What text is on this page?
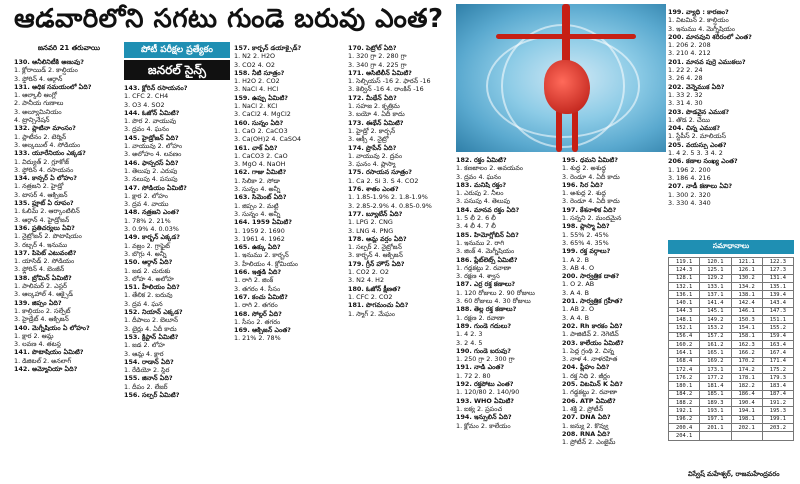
ఆడవారిలోని సగటు గుండె బరువు ఎంత?
జనవరి 21 తరువాయి	పోటీ పరీక్షల ప్రత్యేకం
జనరల్ సైన్స్
130. ఆనీలినిటీకి అణువు?
1. క్లోరాయిడ్ 2. కాల్షియం
3. ఫ్లోరిన్ 4. ఆర్గాన్
131. అధిక సమయంలో ఏది?
1. ఆల్కాలీ ఆంగ్లో
2. పానీయ గుణాలు
3. అల్యూమినియం
4. ట్రాన్సినేషన్
132. ప్లాటినా మాంసం?
1. ప్లాటీనం 2. టెర్మిన్
3. అల్కయిల్ 4. సోడియం
133. యూరేనియం ఎక్కడ?
1. విద్యుత్ 2. గ్లూకోజ్
3. ఫ్లోరిన్ 4. రసాయనం
134. కాన్సర్ ఏ లోహం?
1. నత్రజని 2. హైడ్రో
3. టాసర్ 4. ఆక్సిజన్
135. ఫ్రూట్ ఏ రూపం?
1. ఓలిమ్ 2. ఆర్కాంటిలిన్
3. ఆర్గాన్ 4. హైడ్రోజన్
136. ప్రతిచర్యలు ఏవి?
1. నైట్రోజన్ 2. పొటాషియం
3. రబ్బర్ 4. ఇనుము
137. పిపెట్ ఎటువంటి?
1. యాసిడ్ 2. సోడియం
3. ఫ్లోరిన్ 4. బెంజీన్
138. బ్రోమిన్ ఏమిటి?
1. పాలిమర్ 2. ఎస్టర్
3. ఆల్కహాల్ 4. ఆక్సైడ్
139. జిప్సం ఏది?
1. కాల్షియం 2. సల్ఫేట్
3. హైడ్రేట్ 4. ఆక్సిజన్
140. మెగ్నీషియం ఏ లోహం?
1. క్షార 2. ఆమ్ల
3. లవణ 4. తటస్థ
141. పొటాషియం ఏమిటి?
1. డిజిటల్ 2. అనలాగ్
142. అమ్మోనియా ఏది?
143. క్లోరిన్ రసాయనం?
1. CFC 2. CH4
3. O3 4. SO2
144. ఓజోన్ ఏమిటి?
1. పొర 2. వాయువు
3. ద్రవం 4. ఘనం
145. హైడ్రోజన్ ఏది?
1. వాయువు 2. లోహం
3. అలోహం 4. లవణం
146. ఫాస్ఫరస్ ఏది?
1. తెలుపు 2. ఎరుపు
3. నలుపు 4. పసుపు
147. సోడియం ఏమిటి?
1. క్షార 2. లోహం
3. ద్రవ 4. వాయు
148. నత్రజని ఎంత?
1. 78% 2. 21%
3. 0.9% 4. 0.03%
149. కార్బన్ ఎక్కడ?
1. వజ్రం 2. గ్రాఫైట్
3. బొగ్గు 4. అన్నీ
150. ఆర్గాన్ ఏది?
1. జడ 2. చురుకు
3. లోహ 4. అలోహ
151. హీలియం ఏది?
1. తేలిక 2. బరువు
3. ద్రవ 4. ఘన
152. నియాన్ ఎక్కడ?
1. దీపాలు 2. బెలూన్
3. టైర్లు 4. ఏదీ కాదు
153. క్రిప్టాన్ ఏమిటి?
1. జడ 2. లోహ
3. ఆమ్ల 4. క్షార
154. రాడాన్ ఏది?
1. రేడియో 2. స్థిర
155. జినాన్ ఏది?
1. దీపం 2. లేజర్
156. సల్ఫర్ ఏమిటి?
157. కార్బన్ డయాక్సైడ్?
1. N2 2. H2O
3. CO2 4. O2
158. నీటి సూత్రం?
1. H2O 2. CO2
3. NaCl 4. HCl
159. ఉప్పు ఏమిటి?
1. NaCl 2. KCl
3. CaCl2 4. MgCl2
160. సున్నం ఏది?
1. CaO 2. CaCO3
3. Ca(OH)2 4. CaSO4
161. చాక్ ఏది?
1. CaCO3 2. CaO
3. MgO 4. NaOH
162. గాజు ఏమిటి?
1. సిలికా 2. సోడా
3. సున్నం 4. అన్నీ
163. సిమెంట్ ఏది?
1. జిప్సం 2. మట్టి
3. సున్నం 4. అన్నీ
164. 1959 ఏమిటి?
1. 1959 2. 1690
3. 1961 4. 1962
165. ఉక్కు ఏది?
1. ఇనుము 2. కార్బన్
3. హీలియం 4. క్రోమియం
166. ఇత్తడి ఏది?
1. రాగి 2. జింక్
3. తగరం 4. సీసం
167. కంచు ఏమిటి?
1. రాగి 2. తగరం
168. సోల్డర్ ఏది?
1. సీసం 2. తగరం
169. ఆక్సిజన్ ఎంత?
1. 21% 2. 78%
170. పెట్రోల్ ఏది?
1. 320 గ్రా 2. 280 గ్రా
3. 340 గ్రా 4. 225 గ్రా
171. అసిటిలీన్ ఏమిటి?
1. సెల్సియస్ -16 2. ఫారన్ -16
3. కెల్విన్ -16 4. రాంకిన్ -16
172. మీథేన్ ఏది?
1. సహజ 2. కృత్రిమ
3. బయో 4. ఏదీ కాదు
173. ఈథేన్ ఏమిటి?
1. హైడ్రో 2. కార్బన్
3. ఆక్సీ 4. నైట్రో
174. ప్రొపేన్ ఏది?
1. వాయువు 2. ద్రవం
3. ఘనం 4. ప్లాస్మా
175. రసాయన సూత్రం?
1. Ca 2. Si 3. S 4. CO2
176. శాతం ఎంత?
1. 1.85-1.9% 2. 1.8-1.9%
3. 2.85-2.9% 4. 0.85-0.9%
177. బ్యూటేన్ ఏది?
1. LPG 2. CNG
3. LNG 4. PNG
178. ఆమ్ల వర్షం ఏది?
1. సల్ఫర్ 2. నైట్రోజన్
3. కార్బన్ 4. ఆక్సిజన్
179. గ్రీన్ హౌస్ ఏది?
1. CO2 2. O2
3. N2 4. H2
180. ఓజోన్ క్షీణత?
1. CFC 2. CO2
181. పొగమంచు ఏది?
1. స్మాగ్ 2. మేఘం
182. రక్తం ఏమిటి?
1. కణజాలం 2. అవయవం
3. ద్రవం 4. ఘనం
183. మనిషి రక్తం?
1. ఎరుపు 2. నీలం
3. పసుపు 4. తెలుపు
184. మానవ రక్తం ఏది?
1. 5 లీ 2. 6 లీ
3. 4 లీ 4. 7 లీ
185. హిమోగ్లోబిన్ ఏది?
1. ఇనుము 2. రాగి
3. జింక్ 4. మెగ్నీషియం
186. ప్లేట్‌లెట్స్ ఏమిటి?
1. గడ్డకట్టు 2. రవాణా
3. రక్షణ 4. శ్వాస
187. ఎర్ర రక్త కణాలు?
1. 120 రోజులు 2. 90 రోజులు
3. 60 రోజులు 4. 30 రోజులు
188. తెల్ల రక్త కణాలు?
1. రక్షణ 2. రవాణా
189. గుండె గదులు?
1. 4 2. 3
3. 2 4. 5
190. గుండె బరువు?
1. 250 గ్రా 2. 300 గ్రా
191. నాడి ఎంత?
1. 72 2. 80
192. రక్తపోటు ఎంత?
1. 120/80 2. 140/90
193. WHO ఏమిటి?
1. ఐక్య 2. ప్రపంచ
194. ఇన్సులిన్ ఏది?
1. క్లోమం 2. కాలేయం
195. ధమని ఏమిటి?
1. శుద్ధ 2. అశుద్ధ
3. రెండూ 4. ఏదీ కాదు
196. సిర ఏది?
1. అశుద్ధ 2. శుద్ధ
3. రెండూ 4. ఏదీ కాదు
197. కేశనాళిక ఏది?
1. సన్నని 2. మందమైన
198. ప్లాస్మా ఏది?
1. 55% 2. 45%
3. 65% 4. 35%
199. రక్త వర్గాలు?
1. A 2. B
3. AB 4. O
200. సార్వత్రిక దాత?
1. O 2. AB
3. A 4. B
201. సార్వత్రిక గ్రహీత?
1. AB 2. O
3. A 4. B
202. Rh కారకం ఏది?
1. పాజిటివ్ 2. నెగెటివ్
203. కాలేయం ఏమిటి?
1. పెద్ద గ్రంథి 2. చిన్న
3. నాళ 4. నాళరహిత
204. ప్లీహం ఏది?
1. రక్త నిధి 2. జీర్ణం
205. విటమిన్ K ఏది?
1. గడ్డకట్టు 2. రవాణా
206. ATP ఏమిటి?
1. శక్తి 2. ప్రోటీన్
207. DNA ఏది?
1. జన్యు 2. కొవ్వు
208. RNA ఏది?
1. ప్రోటీన్ 2. ఎంజైమ్
199. వ్యాధి : కారణం?
1. విటమిన్ 2. కాల్షియం
3. ఇనుము 4. మెగ్నీషియం
200. మానవుని శరీరంలో ఎంత?
1. 206 2. 208
3. 210 4. 212
201. మానవ పుర్రె ఎముకలు?
1. 22 2. 24
3. 26 4. 28
202. వెన్నెముక ఏది?
1. 33 2. 32
3. 31 4. 30
203. పొడవైన ఎముక?
1. తొడ 2. చేయి
204. చిన్న ఎముక?
1. స్టేపీస్ 2. మాలియస్
205. వయస్సు ఎంత?
1. 4 2. 5 3. 3 4. 2
206. కణాల సంఖ్య ఎంత?
1. 196 2. 200
3. 186 4. 216
207. నాడీ కణాలు ఏవి?
1. 300 2. 320
3. 330 4. 340
సమాధానాలు
119.1	120.1	121.1	122.3
124.3	125.1	126.1	127.3
128.1	129.2	130.2	131.4
132.1	133.1	134.2	135.1
136.1	137.1	138.1	139.4
140.1	141.4	142.4	143.4
144.3	145.1	146.1	147.3
148.1	149.2	150.3	151.1
152.1	153.2	154.1	155.2
156.4	157.2	158.1	159.4
160.2	161.2	162.3	163.4
164.1	165.1	166.2	167.4
168.4	169.2	170.2	171.4
172.4	173.1	174.2	175.2
176.2	177.2	178.1	179.3
180.1	181.4	182.2	183.4
184.2	185.1	186.4	187.4
188.2	189.3	190.4	191.2
192.1	193.1	194.1	195.3
196.2	197.1	198.1	199.1
200.4	201.1	202.1	203.2
204.1			
విస్వేష్ మహేశ్వర్, రాజమహేంద్రవరం
